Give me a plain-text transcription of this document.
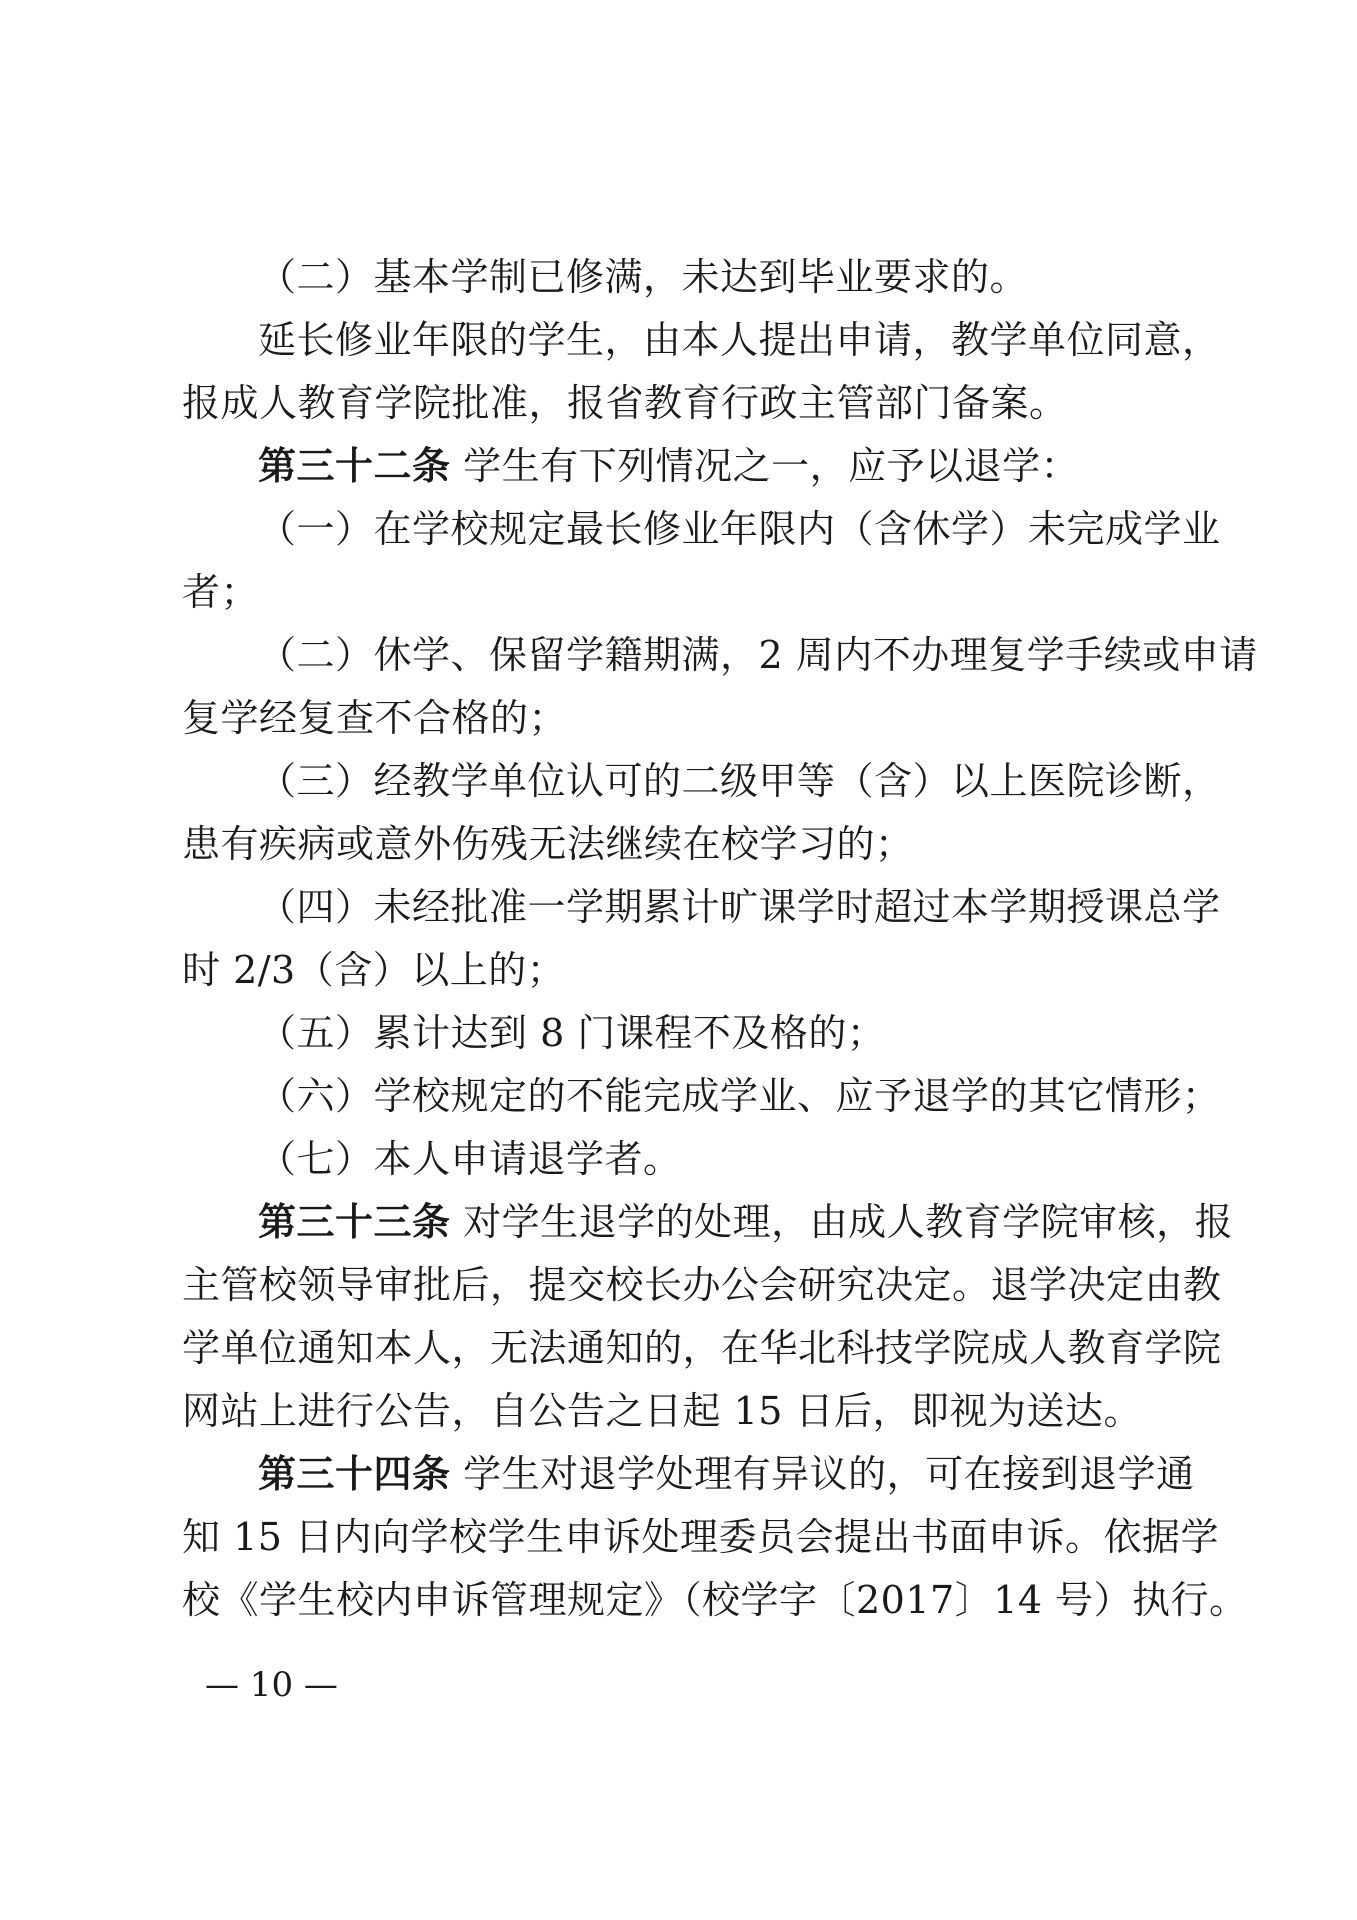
（二）基本学制已修满，未达到毕业要求的。
延长修业年限的学生，由本人提出申请，教学单位同意，
报成人教育学院批准，报省教育行政主管部门备案。
第三十二条 学生有下列情况之一，应予以退学：
（一）在学校规定最长修业年限内（含休学）未完成学业
者；
（二）休学、保留学籍期满，2 周内不办理复学手续或申请
复学经复查不合格的；
（三）经教学单位认可的二级甲等（含）以上医院诊断，
患有疾病或意外伤残无法继续在校学习的；
（四）未经批准一学期累计旷课学时超过本学期授课总学
时 2/3（含）以上的；
（五）累计达到 8 门课程不及格的；
（六）学校规定的不能完成学业、应予退学的其它情形；
（七）本人申请退学者。
第三十三条 对学生退学的处理，由成人教育学院审核，报
主管校领导审批后，提交校长办公会研究决定。退学决定由教
学单位通知本人，无法通知的，在华北科技学院成人教育学院
网站上进行公告，自公告之日起 15 日后，即视为送达。
第三十四条 学生对退学处理有异议的，可在接到退学通
知 15 日内向学校学生申诉处理委员会提出书面申诉。依据学
校《学生校内申诉管理规定》（校学字〔2017〕14 号）执行。
— 10 —
